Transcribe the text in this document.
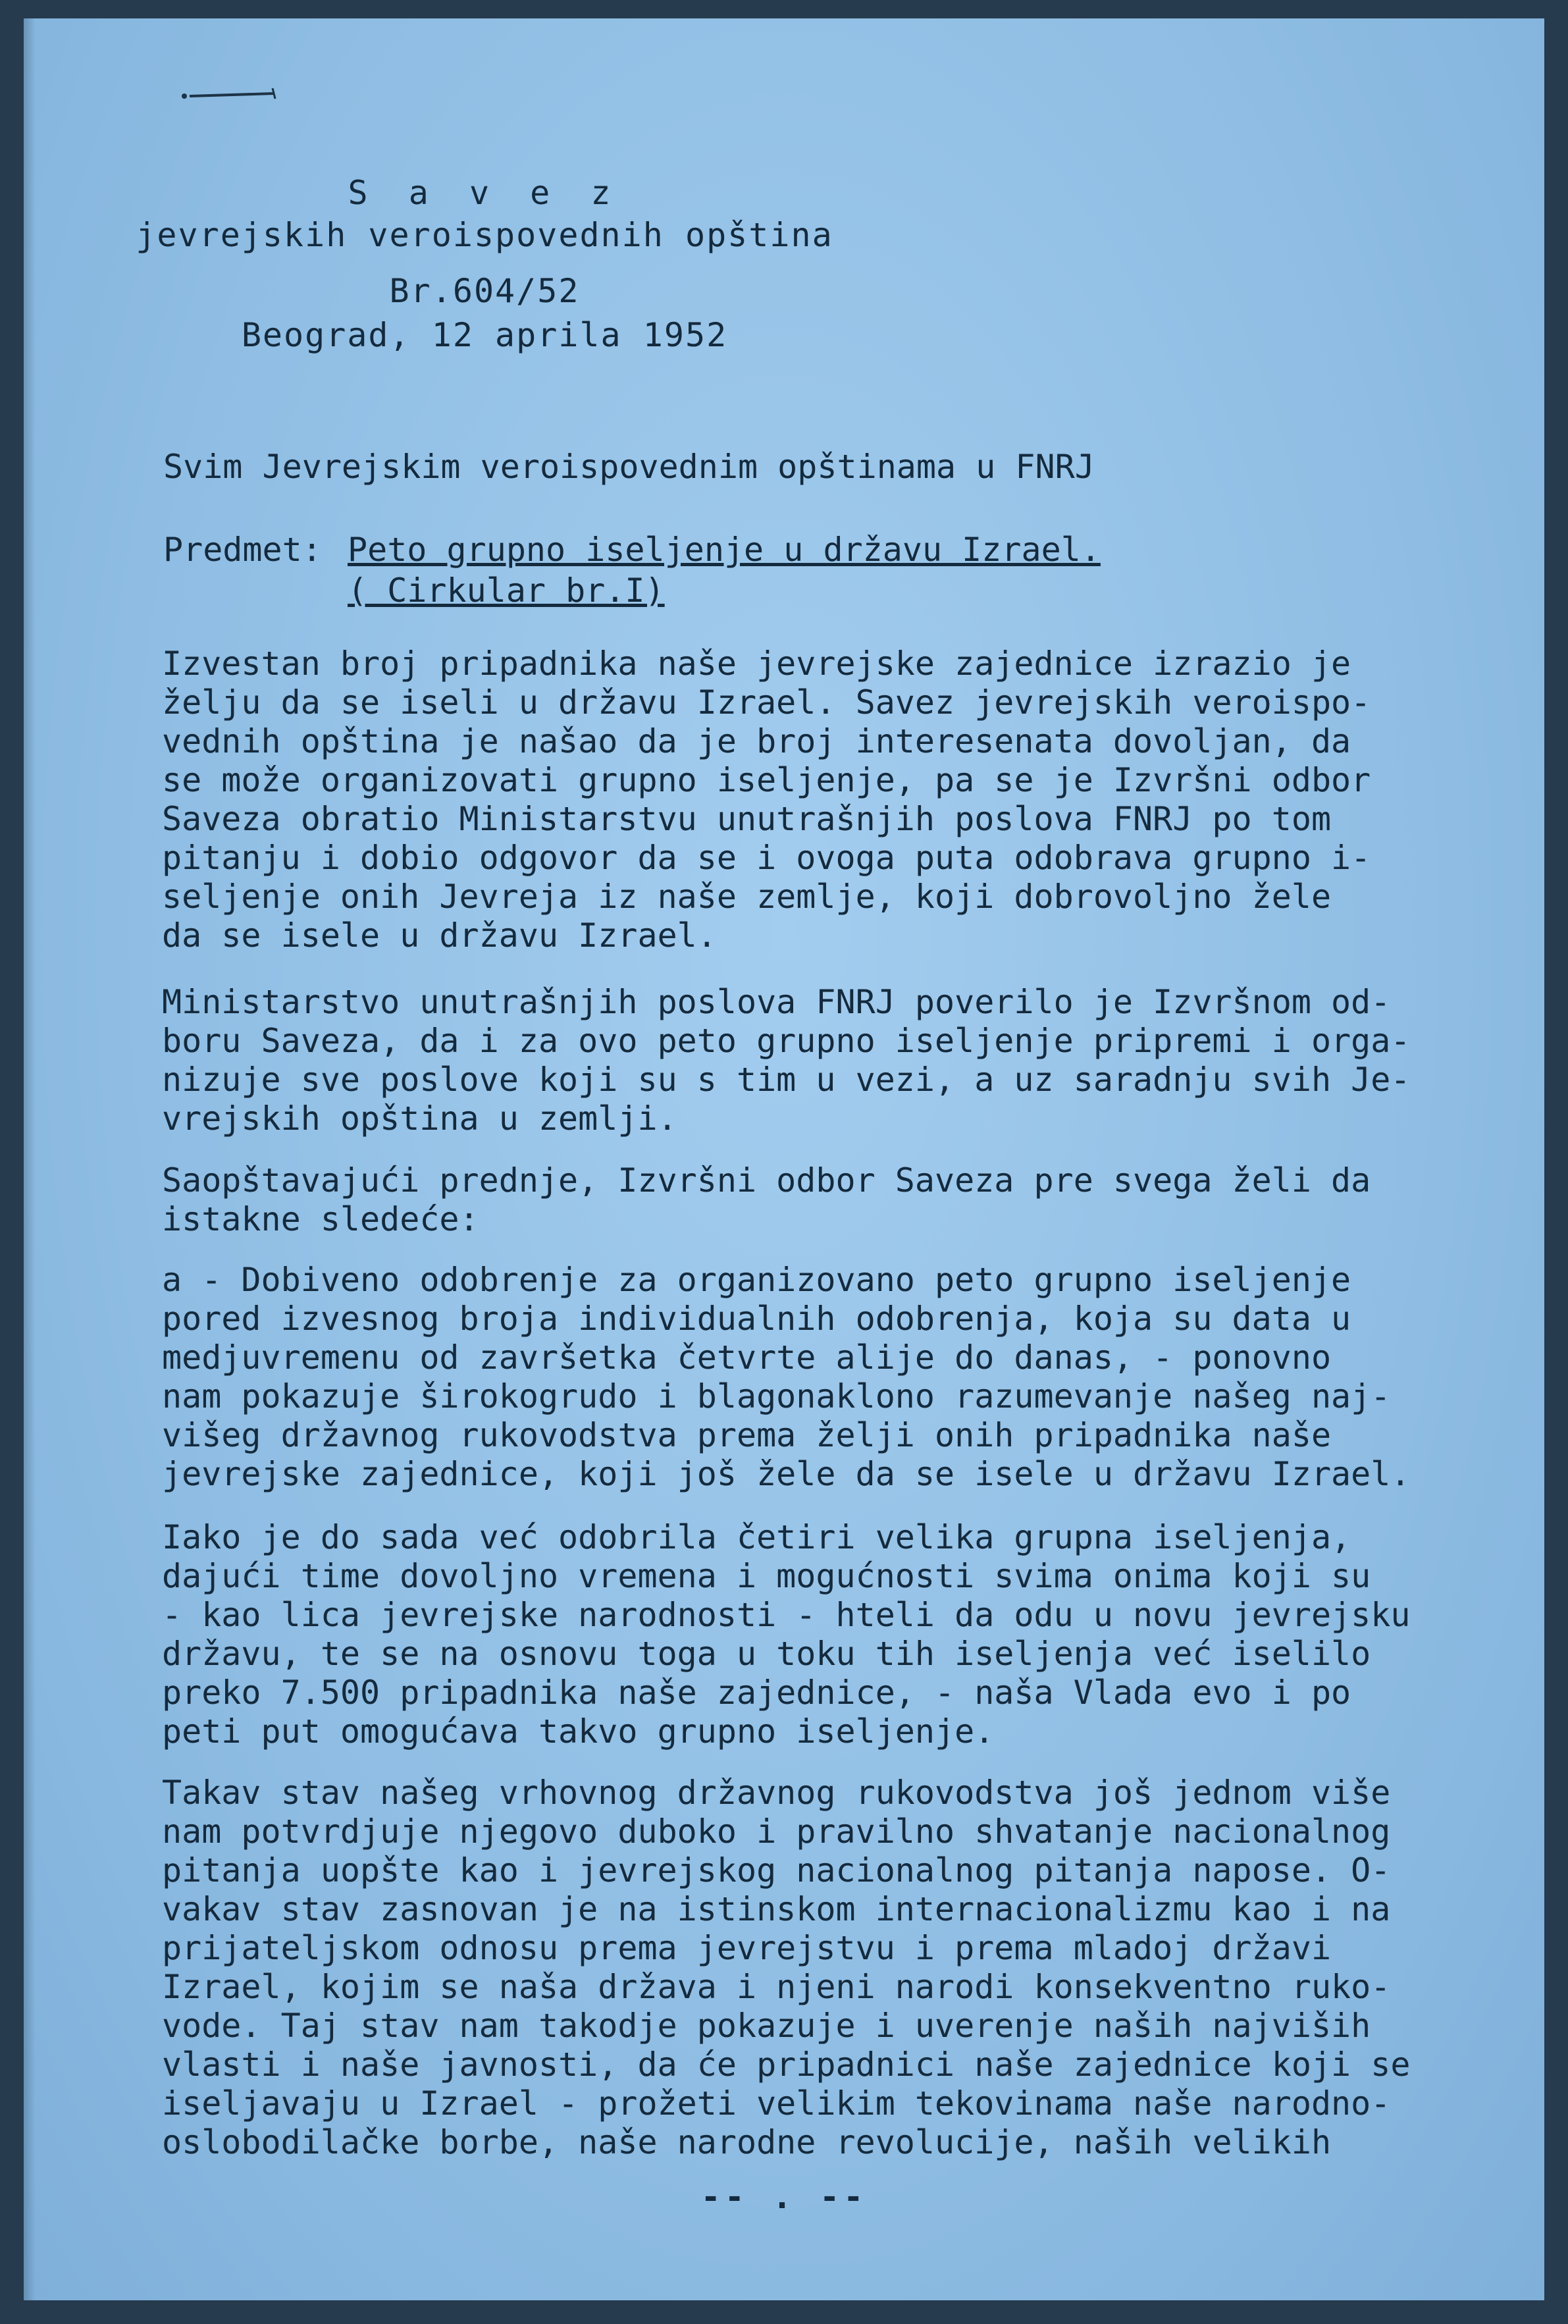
S a v e z
jevrejskih veroispovednih opština
Br.604/52
Beograd, 12 aprila 1952
Svim Jevrejskim veroispovednim opštinama u FNRJ
Predmet: Peto grupno iseljenje u državu Izrael.
( Cirkular br.I)
Izvestan broj pripadnika naše jevrejske zajednice izrazio je
želju da se iseli u državu Izrael. Savez jevrejskih veroispo-
vednih opština je našao da je broj interesenata dovoljan, da
se može organizovati grupno iseljenje, pa se je Izvršni odbor
Saveza obratio Ministarstvu unutrašnjih poslova FNRJ po tom
pitanju i dobio odgovor da se i ovoga puta odobrava grupno i-
seljenje onih Jevreja iz naše zemlje, koji dobrovoljno žele
da se isele u državu Izrael.
Ministarstvo unutrašnjih poslova FNRJ poverilo je Izvršnom od-
boru Saveza, da i za ovo peto grupno iseljenje pripremi i orga-
nizuje sve poslove koji su s tim u vezi, a uz saradnju svih Je-
vrejskih opština u zemlji.
Saopštavajući prednje, Izvršni odbor Saveza pre svega želi da
istakne sledeće:
a - Dobiveno odobrenje za organizovano peto grupno iseljenje
pored izvesnog broja individualnih odobrenja, koja su data u
medjuvremenu od završetka četvrte alije do danas, - ponovno
nam pokazuje širokogrudo i blagonaklono razumevanje našeg naj-
višeg državnog rukovodstva prema želji onih pripadnika naše
jevrejske zajednice, koji još žele da se isele u državu Izrael.
Iako je do sada već odobrila četiri velika grupna iseljenja,
dajući time dovoljno vremena i mogućnosti svima onima koji su
- kao lica jevrejske narodnosti - hteli da odu u novu jevrejsku
državu, te se na osnovu toga u toku tih iseljenja već iselilo
preko 7.500 pripadnika naše zajednice, - naša Vlada evo i po
peti put omogućava takvo grupno iseljenje.
Takav stav našeg vrhovnog državnog rukovodstva još jednom više
nam potvrdjuje njegovo duboko i pravilno shvatanje nacionalnog
pitanja uopšte kao i jevrejskog nacionalnog pitanja napose. O-
vakav stav zasnovan je na istinskom internacionalizmu kao i na
prijateljskom odnosu prema jevrejstvu i prema mladoj državi
Izrael, kojim se naša država i njeni narodi konsekventno ruko-
vode. Taj stav nam takodje pokazuje i uverenje naših najviših
vlasti i naše javnosti, da će pripadnici naše zajednice koji se
iseljavaju u Izrael - prožeti velikim tekovinama naše narodno-
oslobodilačke borbe, naše narodne revolucije, naših velikih
-- . --
